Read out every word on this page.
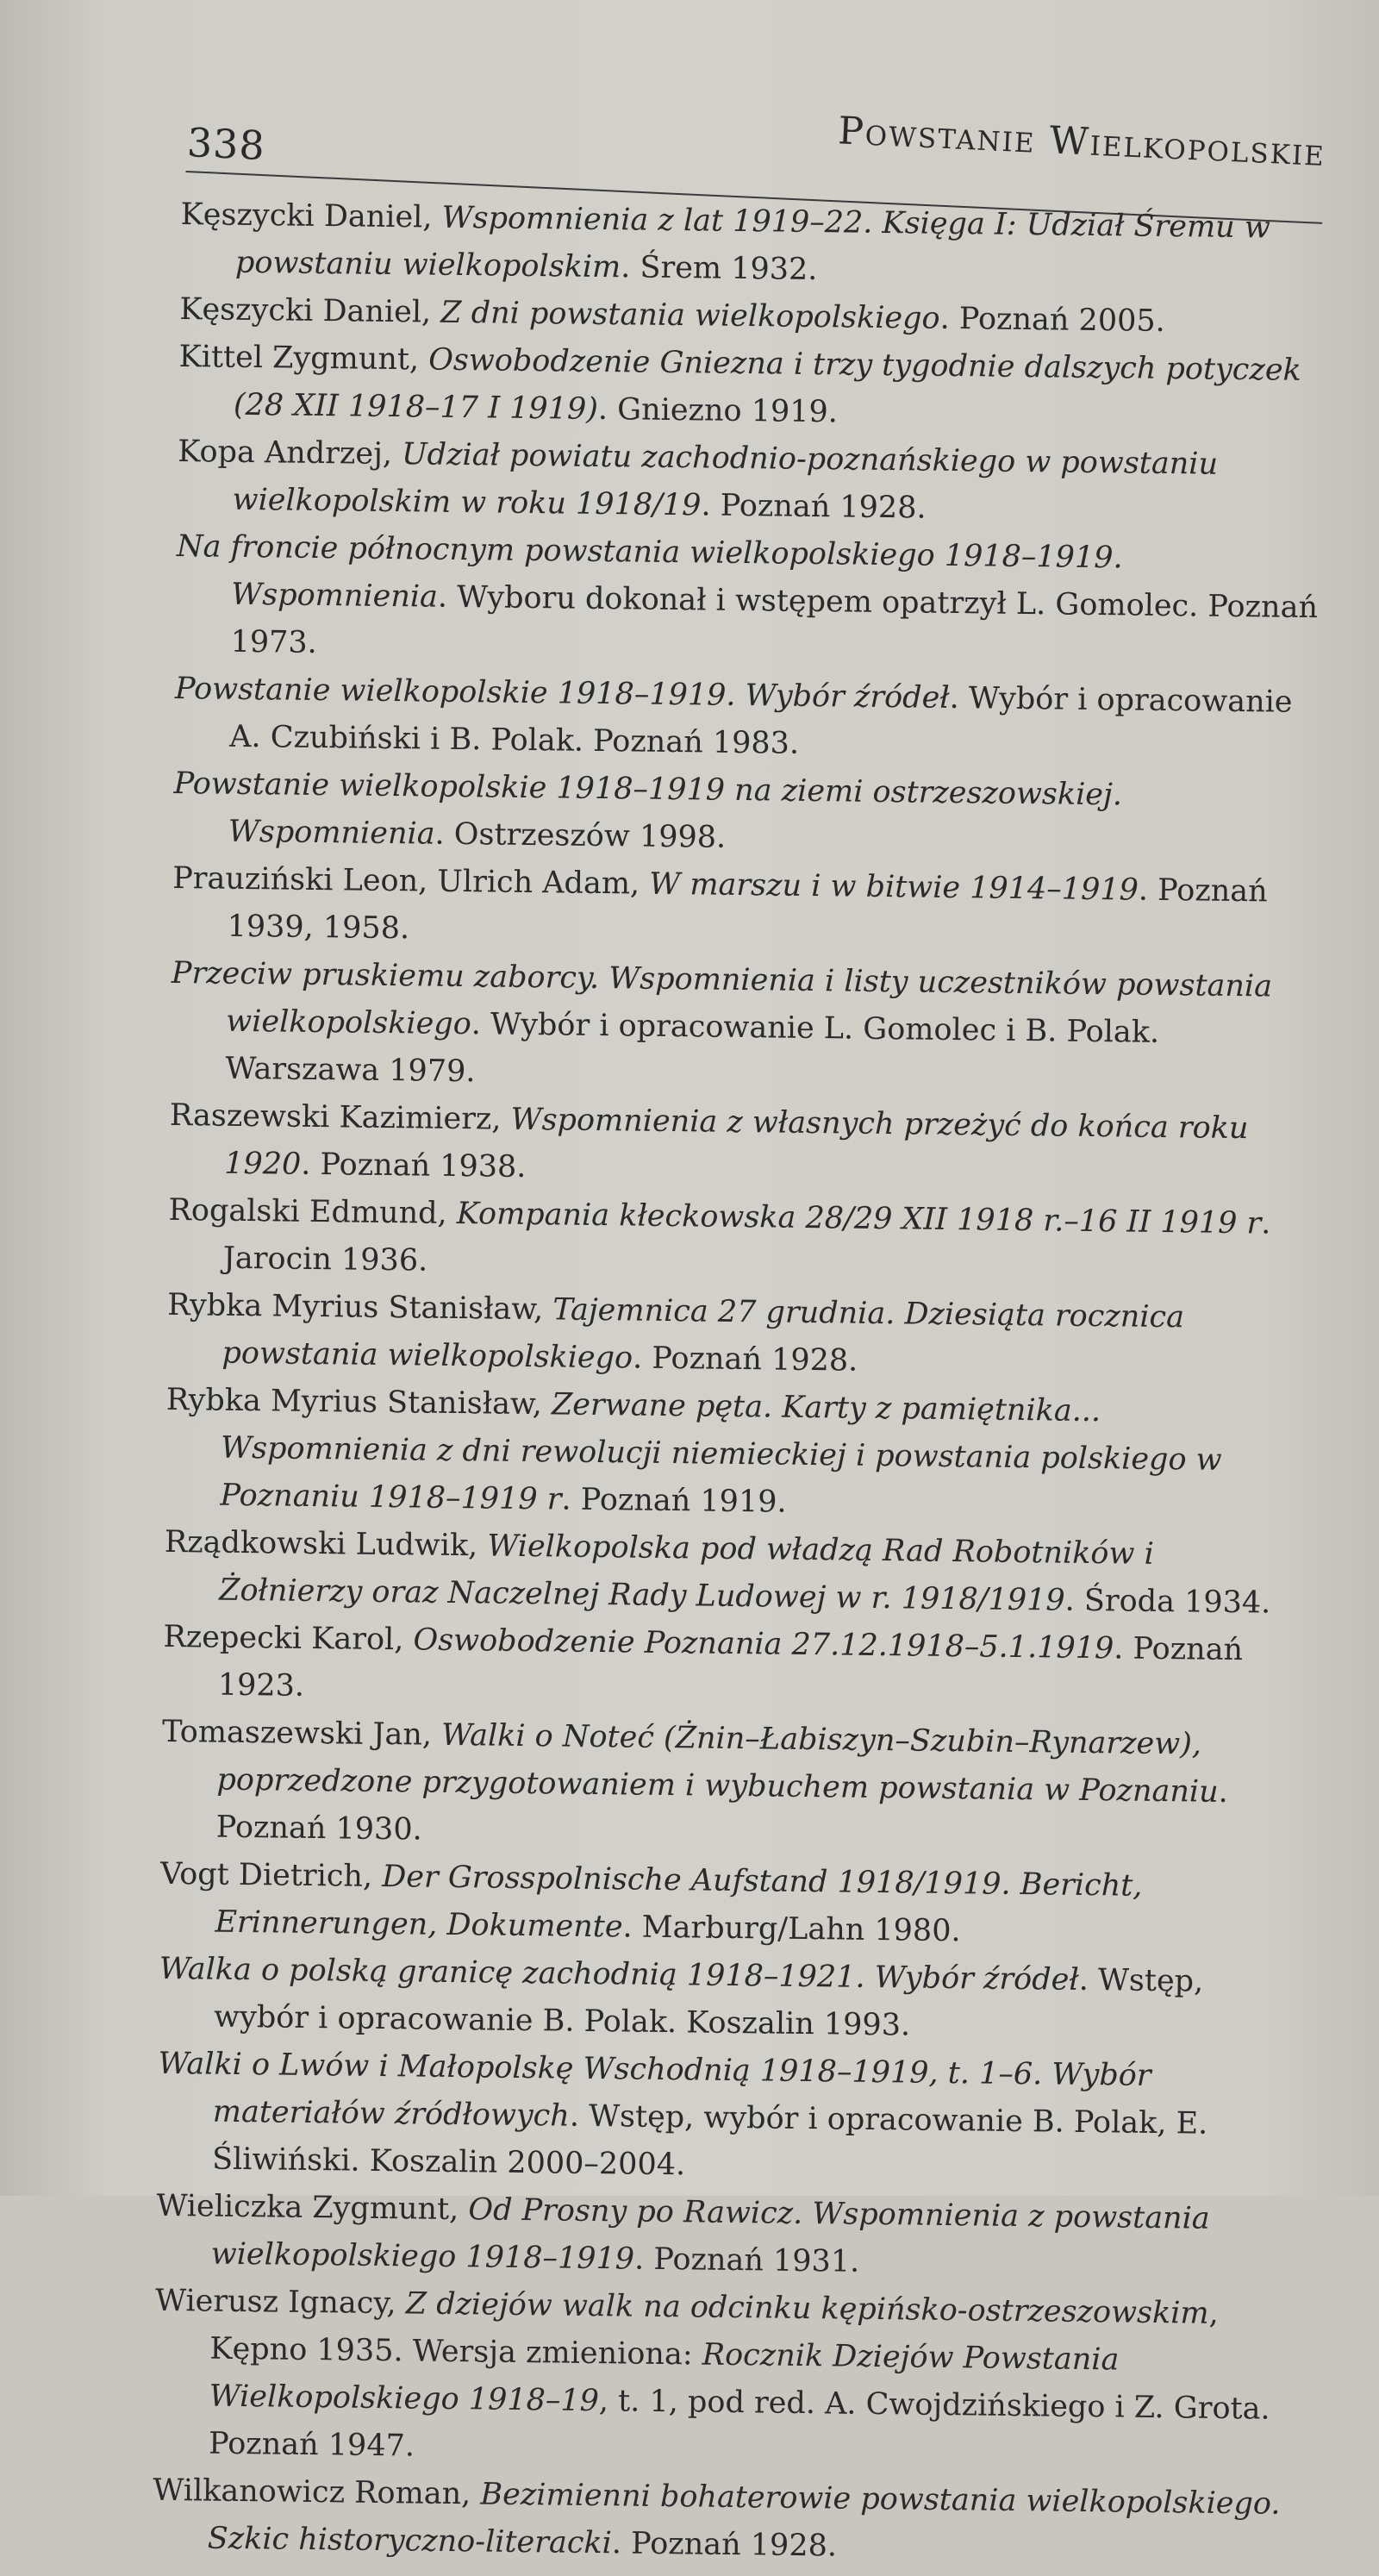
338	Powstanie Wielkopolskie

Kęszycki Daniel, Wspomnienia z lat 1919–22. Księga I: Udział Śremu w powstaniu wielkopolskim. Śrem 1932.

Kęszycki Daniel, Z dni powstania wielkopolskiego. Poznań 2005.

Kittel Zygmunt, Oswobodzenie Gniezna i trzy tygodnie dalszych potyczek (28 XII 1918–17 I 1919). Gniezno 1919.

Kopa Andrzej, Udział powiatu zachodnio-poznańskiego w powstaniu wielkopolskim w roku 1918/19. Poznań 1928.

Na froncie północnym powstania wielkopolskiego 1918–1919. Wspomnienia. Wyboru dokonał i wstępem opatrzył L. Gomolec. Poznań 1973.

Powstanie wielkopolskie 1918–1919. Wybór źródeł. Wybór i opracowanie A. Czubiński i B. Polak. Poznań 1983.

Powstanie wielkopolskie 1918–1919 na ziemi ostrzeszowskiej. Wspomnienia. Ostrzeszów 1998.

Prauziński Leon, Ulrich Adam, W marszu i w bitwie 1914–1919. Poznań 1939, 1958.

Przeciw pruskiemu zaborcy. Wspomnienia i listy uczestników powstania wielkopolskiego. Wybór i opracowanie L. Gomolec i B. Polak. Warszawa 1979.

Raszewski Kazimierz, Wspomnienia z własnych przeżyć do końca roku 1920. Poznań 1938.

Rogalski Edmund, Kompania kłeckowska 28/29 XII 1918 r.–16 II 1919 r. Jarocin 1936.

Rybka Myrius Stanisław, Tajemnica 27 grudnia. Dziesiąta rocznica powstania wielkopolskiego. Poznań 1928.

Rybka Myrius Stanisław, Zerwane pęta. Karty z pamiętnika... Wspomnienia z dni rewolucji niemieckiej i powstania polskiego w Poznaniu 1918–1919 r. Poznań 1919.

Rządkowski Ludwik, Wielkopolska pod władzą Rad Robotników i Żołnierzy oraz Naczelnej Rady Ludowej w r. 1918/1919. Środa 1934.

Rzepecki Karol, Oswobodzenie Poznania 27.12.1918–5.1.1919. Poznań 1923.

Tomaszewski Jan, Walki o Noteć (Żnin–Łabiszyn–Szubin–Rynarzew), poprzedzone przygotowaniem i wybuchem powstania w Poznaniu. Poznań 1930.

Vogt Dietrich, Der Grosspolnische Aufstand 1918/1919. Bericht, Erinnerungen, Dokumente. Marburg/Lahn 1980.

Walka o polską granicę zachodnią 1918–1921. Wybór źródeł. Wstęp, wybór i opracowanie B. Polak. Koszalin 1993.

Walki o Lwów i Małopolskę Wschodnią 1918–1919, t. 1–6. Wybór materiałów źródłowych. Wstęp, wybór i opracowanie B. Polak, E. Śliwiński. Koszalin 2000–2004.

Wieliczka Zygmunt, Od Prosny po Rawicz. Wspomnienia z powstania wielkopolskiego 1918–1919. Poznań 1931.

Wierusz Ignacy, Z dziejów walk na odcinku kępińsko-ostrzeszowskim, Kępno 1935. Wersja zmieniona: Rocznik Dziejów Powstania Wielkopolskiego 1918–19, t. 1, pod red. A. Cwojdzińskiego i Z. Grota. Poznań 1947.

Wilkanowicz Roman, Bezimienni bohaterowie powstania wielkopolskiego. Szkic historyczno-literacki. Poznań 1928.
